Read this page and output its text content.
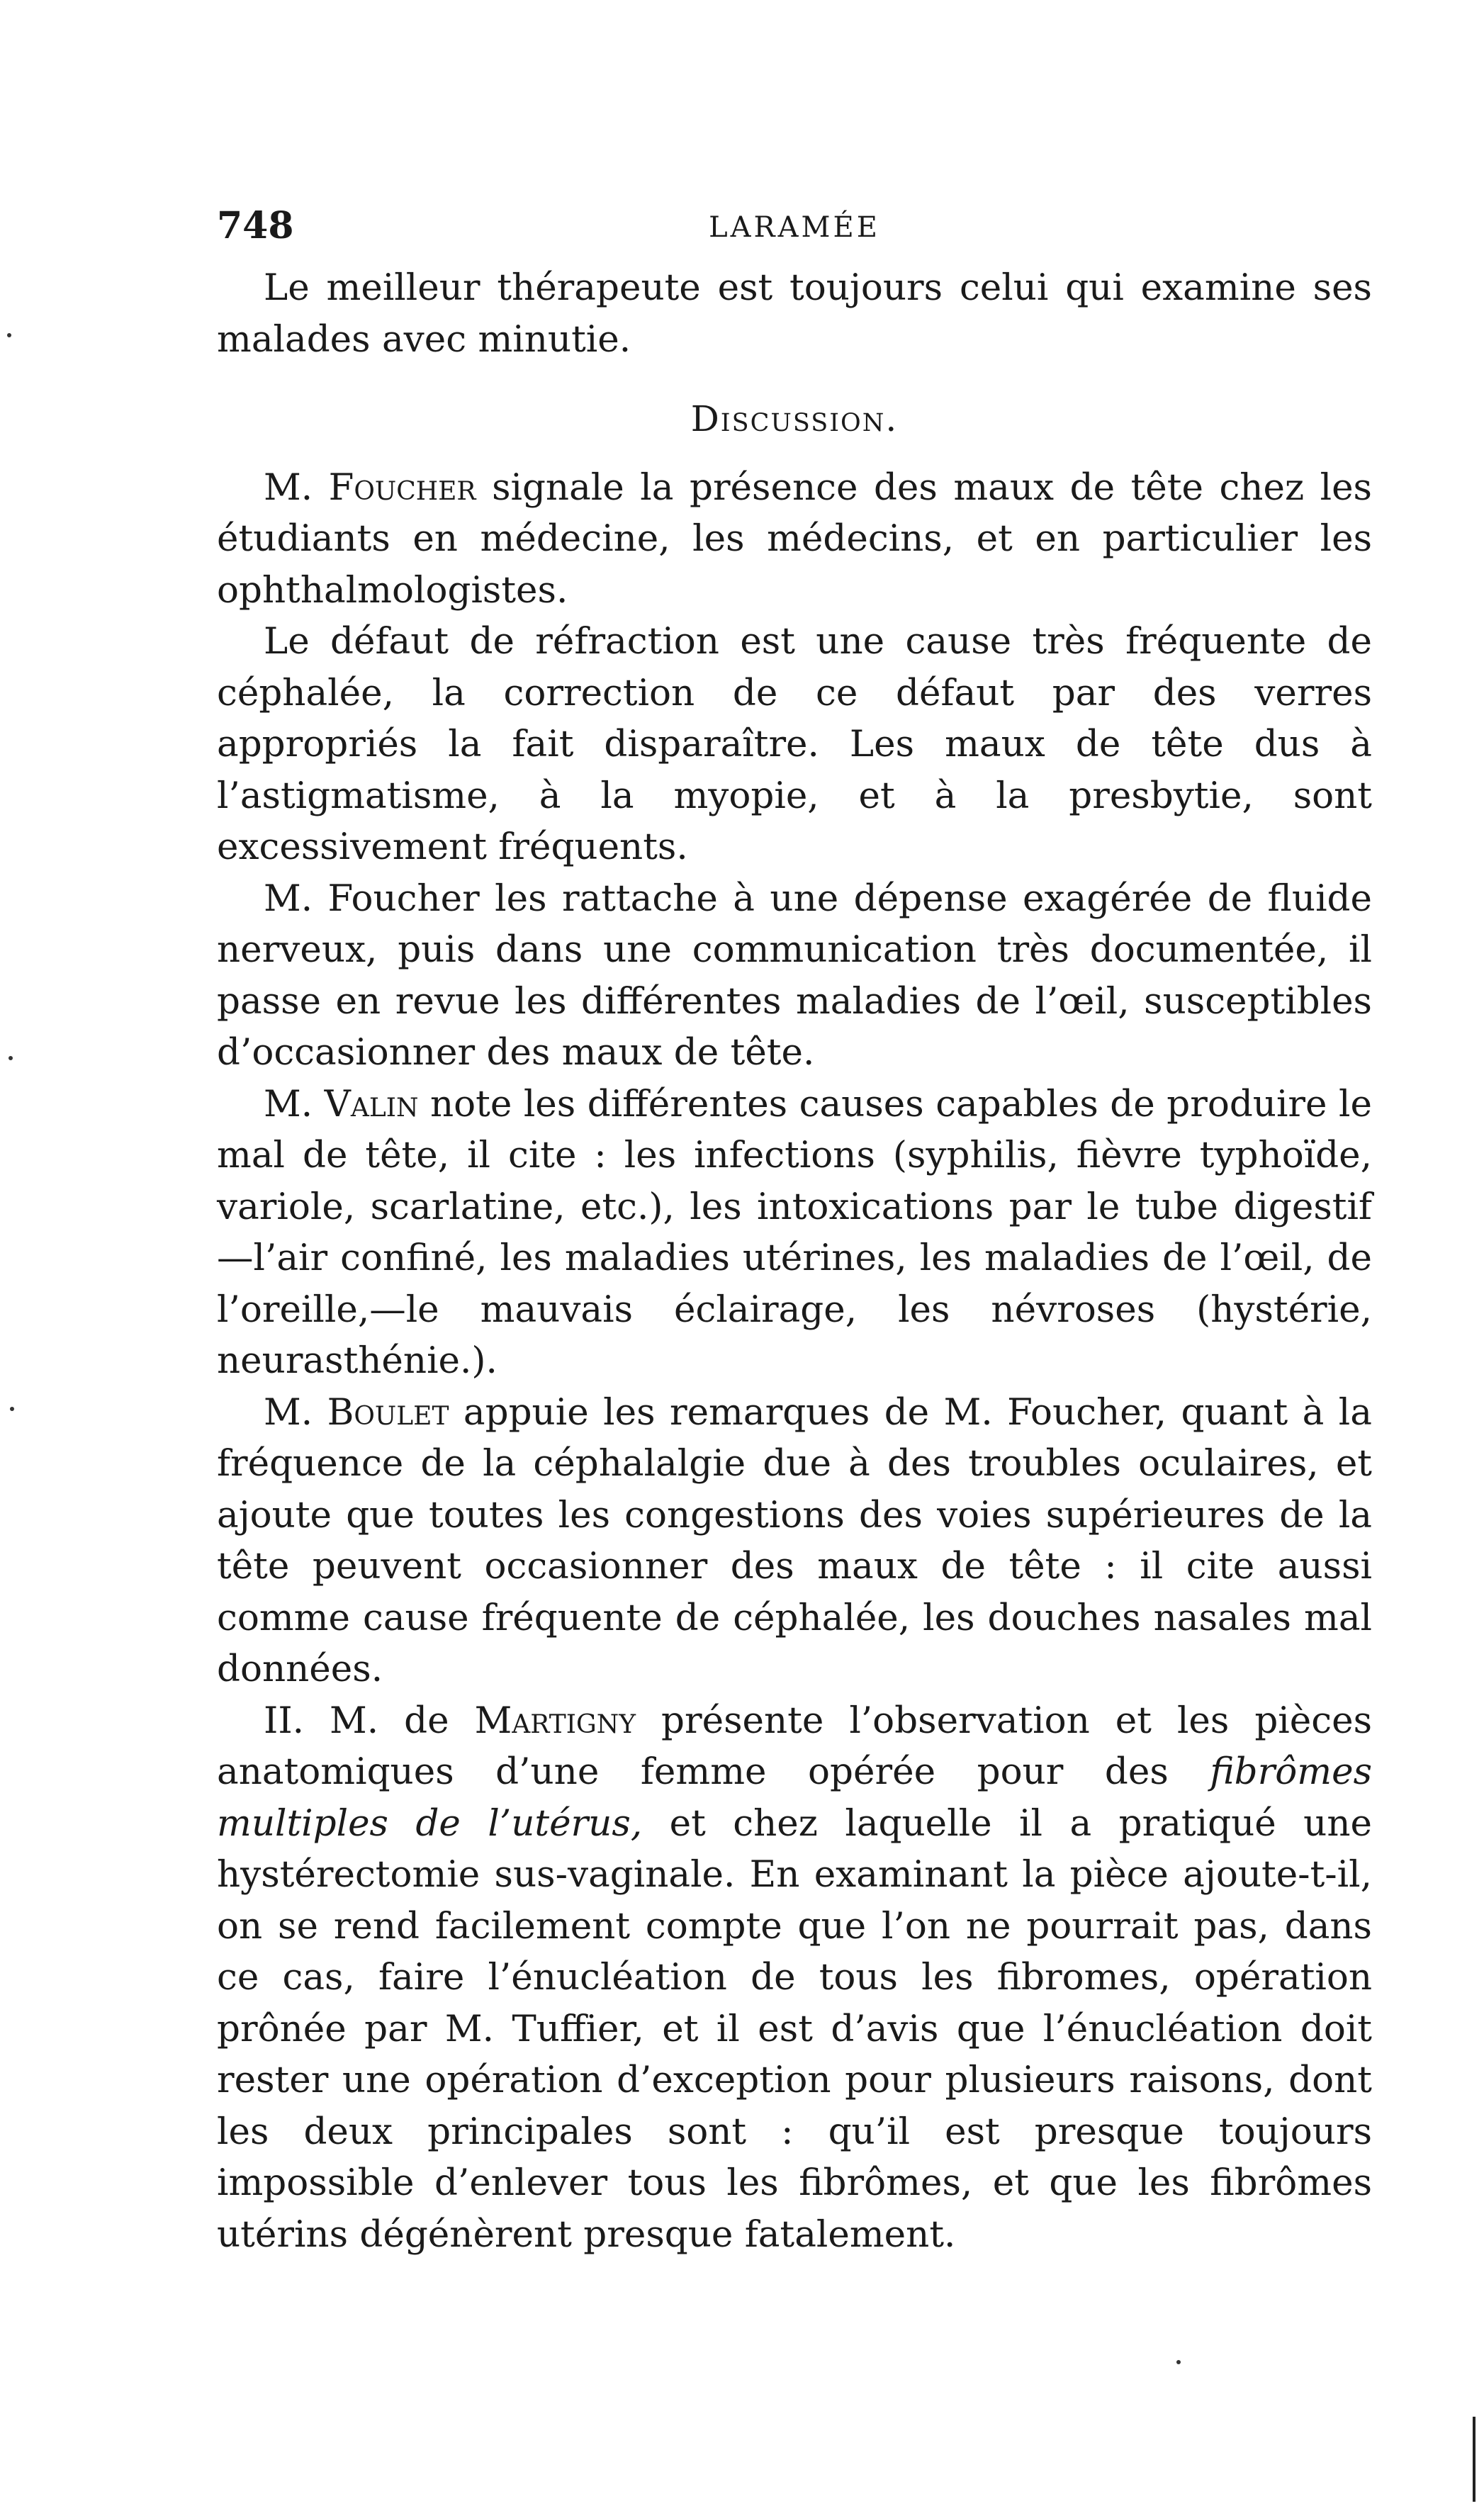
748	LARAMÉE

Le meilleur thérapeute est toujours celui qui examine ses malades avec minutie.

Discussion.

M. Foucher signale la présence des maux de tête chez les étudiants en médecine, les médecins, et en particulier les ophthalmologistes.

Le défaut de réfraction est une cause très fréquente de céphalée, la correction de ce défaut par des verres appropriés la fait disparaître. Les maux de tête dus à l’astigmatisme, à la myopie, et à la presbytie, sont excessivement fréquents.

M. Foucher les rattache à une dépense exagérée de fluide nerveux, puis dans une communication très documentée, il passe en revue les différentes maladies de l’œil, susceptibles d’occasionner des maux de tête.

M. Valin note les différentes causes capables de produire le mal de tête, il cite : les infections (syphilis, fièvre typhoïde, variole, scarlatine, etc.), les intoxications par le tube digestif—l’air confiné, les maladies utérines, les maladies de l’œil, de l’oreille,—le mauvais éclairage, les névroses (hystérie, neurasthénie.).

M. Boulet appuie les remarques de M. Foucher, quant à la fréquence de la céphalalgie due à des troubles oculaires, et ajoute que toutes les congestions des voies supérieures de la tête peuvent occasionner des maux de tête : il cite aussi comme cause fréquente de céphalée, les douches nasales mal données.

II. M. de Martigny présente l’observation et les pièces anatomiques d’une femme opérée pour des fibrômes multiples de l’utérus, et chez laquelle il a pratiqué une hystérectomie sus-vaginale. En examinant la pièce ajoute-t-il, on se rend facilement compte que l’on ne pourrait pas, dans ce cas, faire l’énucléation de tous les fibromes, opération prônée par M. Tuffier, et il est d’avis que l’énucléation doit rester une opération d’exception pour plusieurs raisons, dont les deux principales sont : qu’il est presque toujours impossible d’enlever tous les fibrômes, et que les fibrômes utérins dégénèrent presque fatalement.
